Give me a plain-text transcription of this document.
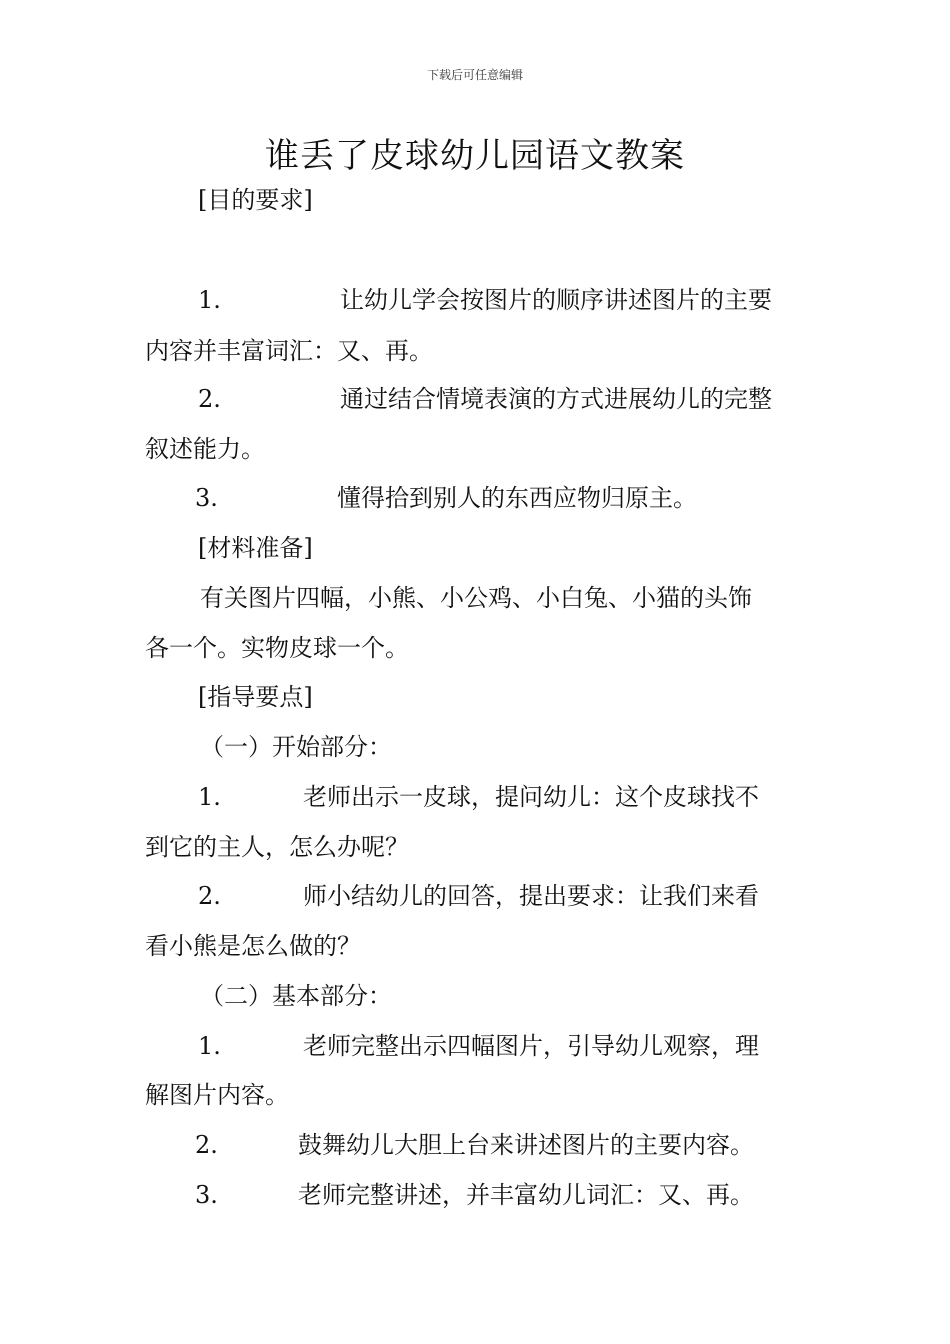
下载后可任意编辑
谁丢了皮球幼儿园语文教案
[目的要求]
1.	让幼儿学会按图片的顺序讲述图片的主要
内容并丰富词汇：又、再。
2.	通过结合情境表演的方式进展幼儿的完整
叙述能力。
3.	懂得拾到别人的东西应物归原主。
[材料准备]
有关图片四幅，小熊、小公鸡、小白兔、小猫的头饰
各一个。实物皮球一个。
[指导要点]
（一）开始部分：
1.	老师出示一皮球，提问幼儿：这个皮球找不
到它的主人，怎么办呢？
2.	师小结幼儿的回答，提出要求：让我们来看
看小熊是怎么做的？
（二）基本部分：
1.	老师完整出示四幅图片，引导幼儿观察，理
解图片内容。
2.	鼓舞幼儿大胆上台来讲述图片的主要内容。
3.	老师完整讲述，并丰富幼儿词汇：又、再。
